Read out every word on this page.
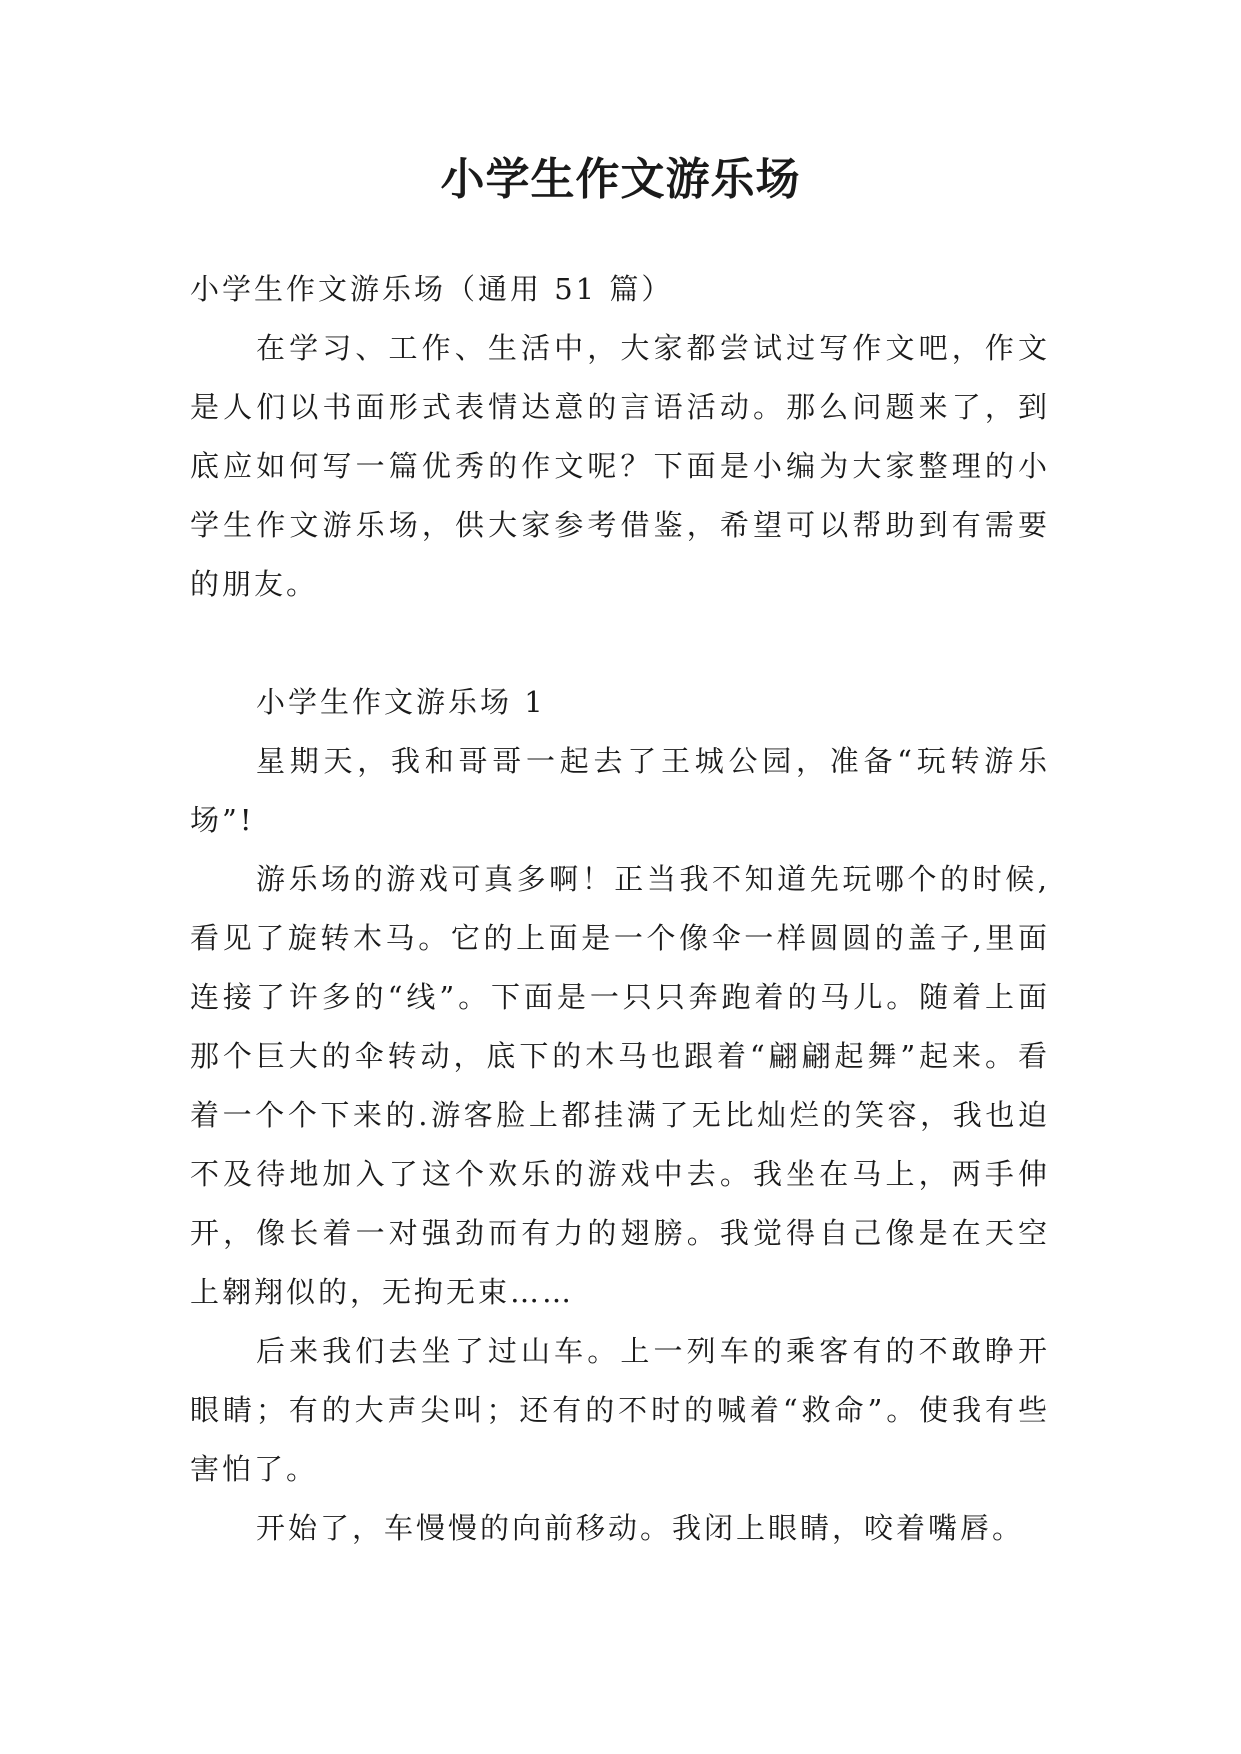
小学生作文游乐场

小学生作文游乐场（通用 51 篇）

在学习、工作、生活中，大家都尝试过写作文吧，作文是人们以书面形式表情达意的言语活动。那么问题来了，到底应如何写一篇优秀的作文呢？下面是小编为大家整理的小学生作文游乐场，供大家参考借鉴，希望可以帮助到有需要的朋友。

小学生作文游乐场 1

星期天，我和哥哥一起去了王城公园，准备“玩转游乐场”!

游乐场的游戏可真多啊！正当我不知道先玩哪个的时候,看见了旋转木马。它的上面是一个像伞一样圆圆的盖子,里面连接了许多的“线”。下面是一只只奔跑着的马儿。随着上面那个巨大的伞转动，底下的木马也跟着“翩翩起舞”起来。看着一个个下来的.游客脸上都挂满了无比灿烂的笑容，我也迫不及待地加入了这个欢乐的游戏中去。我坐在马上，两手伸开，像长着一对强劲而有力的翅膀。我觉得自己像是在天空上翱翔似的，无拘无束……

后来我们去坐了过山车。上一列车的乘客有的不敢睁开眼睛；有的大声尖叫；还有的不时的喊着“救命”。使我有些害怕了。

开始了，车慢慢的向前移动。我闭上眼睛，咬着嘴唇。
